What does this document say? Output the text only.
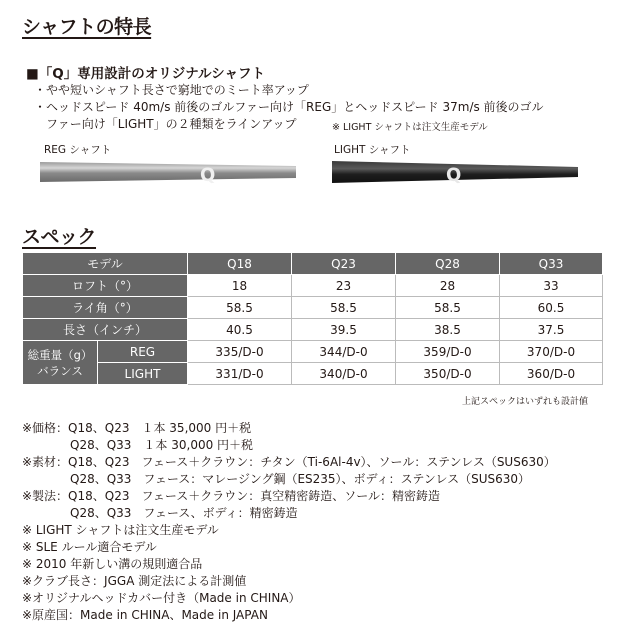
シャフトの特長
■「Q」専用設計のオリジナルシャフト
・やや短いシャフト長さで窮地でのミート率アップ
・ヘッドスピード 40m/s 前後のゴルファー向け「REG」とヘッドスピード 37m/s 前後のゴル
ファー向け「LIGHT」の２種類をラインアップ	※ LIGHT シャフトは注文生産モデル
REG シャフト	LIGHT シャフト
Q	Q
スペック
モデル		Q18	Q23	Q28	Q33
ロフト（°）		18	23	28	33
ライ角（°）		58.5	58.5	58.5	60.5
長さ（インチ）		40.5	39.5	38.5	37.5

総重量（g）
バランス	REG	335/D-0	344/D-0	359/D-0	370/D-0
	LIGHT	331/D-0	340/D-0	350/D-0	360/D-0
上記スペックはいずれも設計値
※価格：Q18、Q23　１本 35,000 円＋税
　　　　Q28、Q33　１本 30,000 円＋税
※素材：Q18、Q23　フェース＋クラウン：チタン（Ti-6Al-4v）、ソール：ステンレス（SUS630）
　　　　Q28、Q33　フェース：マレージング鋼（ES235）、ボディ：ステンレス（SUS630）
※製法：Q18、Q23　フェース＋クラウン：真空精密鋳造、ソール：精密鋳造
　　　　Q28、Q33　フェース、ボディ：精密鋳造
※ LIGHT シャフトは注文生産モデル
※ SLE ルール適合モデル
※ 2010 年新しい溝の規則適合品
※クラブ長さ：JGGA 測定法による計測値
※オリジナルヘッドカバー付き（Made in CHINA）
※原産国：Made in CHINA、Made in JAPAN
